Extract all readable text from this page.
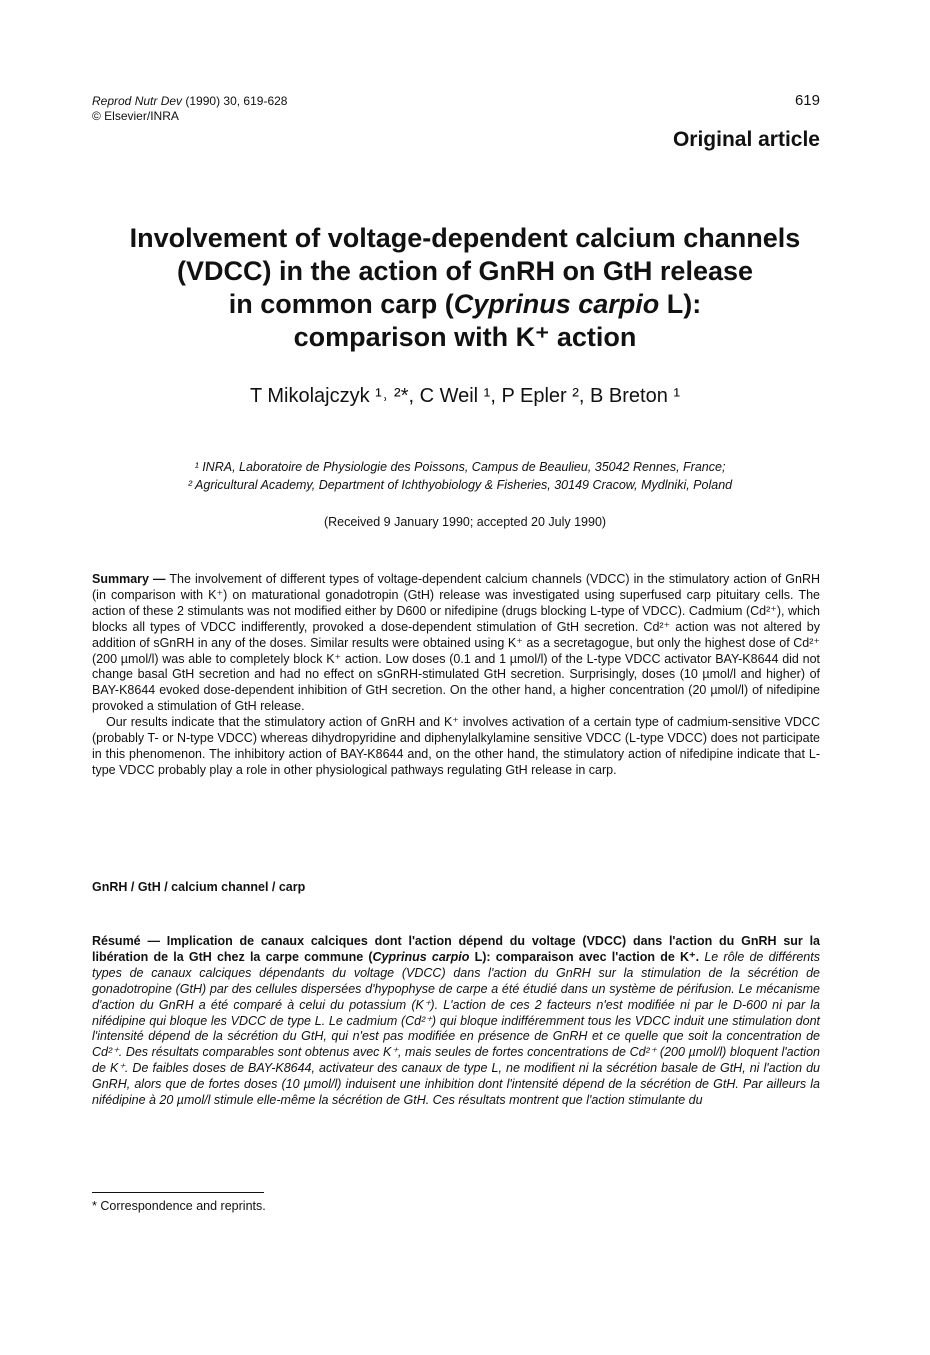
Reprod Nutr Dev (1990) 30, 619-628
© Elsevier/INRA
619
Original article
Involvement of voltage-dependent calcium channels
(VDCC) in the action of GnRH on GtH release
in common carp (Cyprinus carpio L):
comparison with K⁺ action
T Mikolajczyk ¹˒ ²*, C Weil ¹, P Epler ², B Breton ¹
¹ INRA, Laboratoire de Physiologie des Poissons, Campus de Beaulieu, 35042 Rennes, France;
² Agricultural Academy, Department of Ichthyobiology & Fisheries, 30149 Cracow, Mydlniki, Poland
(Received 9 January 1990; accepted 20 July 1990)

Summary — The involvement of different types of voltage-dependent calcium channels (VDCC) in the stimulatory action of GnRH (in comparison with K⁺) on maturational gonadotropin (GtH) release was investigated using superfused carp pituitary cells. The action of these 2 stimulants was not modified either by D600 or nifedipine (drugs blocking L-type of VDCC). Cadmium (Cd²⁺), which blocks all types of VDCC indifferently, provoked a dose-dependent stimulation of GtH secretion. Cd²⁺ action was not altered by addition of sGnRH in any of the doses. Similar results were obtained using K⁺ as a secretagogue, but only the highest dose of Cd²⁺ (200 µmol/l) was able to completely block K⁺ action. Low doses (0.1 and 1 µmol/l) of the L-type VDCC activator BAY-K8644 did not change basal GtH secretion and had no effect on sGnRH-stimulated GtH secretion. Surprisingly, doses (10 µmol/l and higher) of BAY-K8644 evoked dose-dependent inhibition of GtH secretion. On the other hand, a higher concentration (20 µmol/l) of nifedipine provoked a stimulation of GtH release.

Our results indicate that the stimulatory action of GnRH and K⁺ involves activation of a certain type of cadmium-sensitive VDCC (probably T- or N-type VDCC) whereas dihydropyridine and diphenylalkylamine sensitive VDCC (L-type VDCC) does not participate in this phenomenon. The inhibitory action of BAY-K8644 and, on the other hand, the stimulatory action of nifedipine indicate that L-type VDCC probably play a role in other physiological pathways regulating GtH release in carp.

GnRH / GtH / calcium channel / carp

Résumé — Implication de canaux calciques dont l'action dépend du voltage (VDCC) dans l'action du GnRH sur la libération de la GtH chez la carpe commune (Cyprinus carpio L): comparaison avec l'action de K⁺. Le rôle de différents types de canaux calciques dépendants du voltage (VDCC) dans l'action du GnRH sur la stimulation de la sécrétion de gonadotropine (GtH) par des cellules dispersées d'hypophyse de carpe a été étudié dans un système de périfusion. Le mécanisme d'action du GnRH a été comparé à celui du potassium (K⁺). L'action de ces 2 facteurs n'est modifiée ni par le D-600 ni par la nifédipine qui bloque les VDCC de type L. Le cadmium (Cd²⁺) qui bloque indifféremment tous les VDCC induit une stimulation dont l'intensité dépend de la sécrétion du GtH, qui n'est pas modifiée en présence de GnRH et ce quelle que soit la concentration de Cd²⁺. Des résultats comparables sont obtenus avec K⁺, mais seules de fortes concentrations de Cd²⁺ (200 µmol/l) bloquent l'action de K⁺. De faibles doses de BAY-K8644, activateur des canaux de type L, ne modifient ni la sécrétion basale de GtH, ni l'action du GnRH, alors que de fortes doses (10 µmol/l) induisent une inhibition dont l'intensité dépend de la sécrétion de GtH. Par ailleurs la nifédipine à 20 µmol/l stimule elle-même la sécrétion de GtH. Ces résultats montrent que l'action stimulante du

* Correspondence and reprints.
